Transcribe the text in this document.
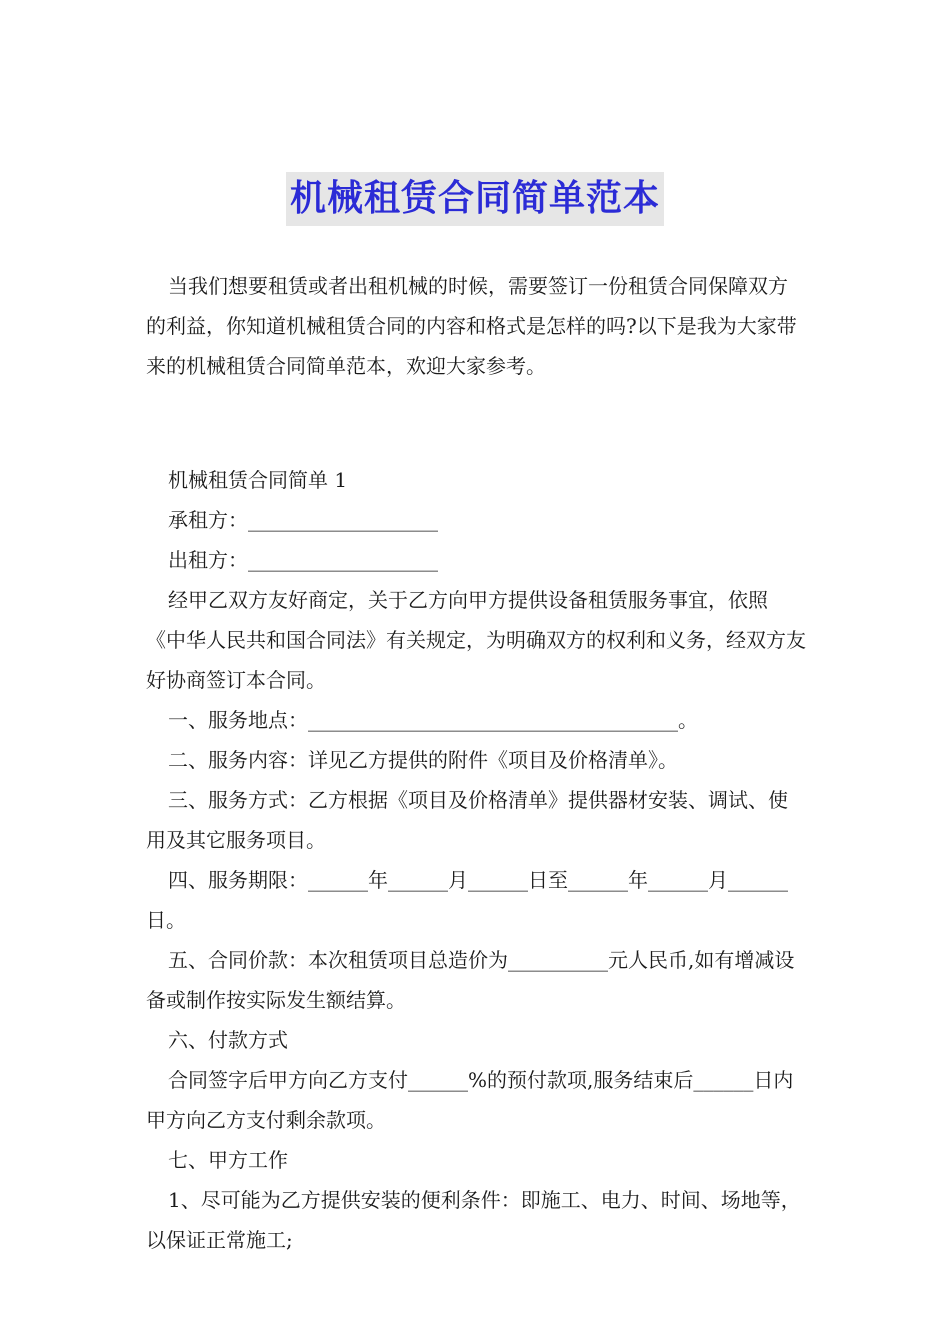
机械租赁合同简单范本

当我们想要租赁或者出租机械的时候，需要签订一份租赁合同保障双方的利益，你知道机械租赁合同的内容和格式是怎样的吗?以下是我为大家带来的机械租赁合同简单范本，欢迎大家参考。

机械租赁合同简单 1

承租方：___________________

出租方：___________________

经甲乙双方友好商定，关于乙方向甲方提供设备租赁服务事宜，依照《中华人民共和国合同法》有关规定，为明确双方的权利和义务，经双方友好协商签订本合同。

一、服务地点：_____________________________________。

二、服务内容：详见乙方提供的附件《项目及价格清单》。

三、服务方式：乙方根据《项目及价格清单》提供器材安装、调试、使用及其它服务项目。

四、服务期限：______年______月______日至______年______月______日。

五、合同价款：本次租赁项目总造价为__________元人民币,如有增减设备或制作按实际发生额结算。

六、付款方式

合同签字后甲方向乙方支付______%的预付款项,服务结束后______日内甲方向乙方支付剩余款项。

七、甲方工作

1、尽可能为乙方提供安装的便利条件：即施工、电力、时间、场地等，以保证正常施工;
